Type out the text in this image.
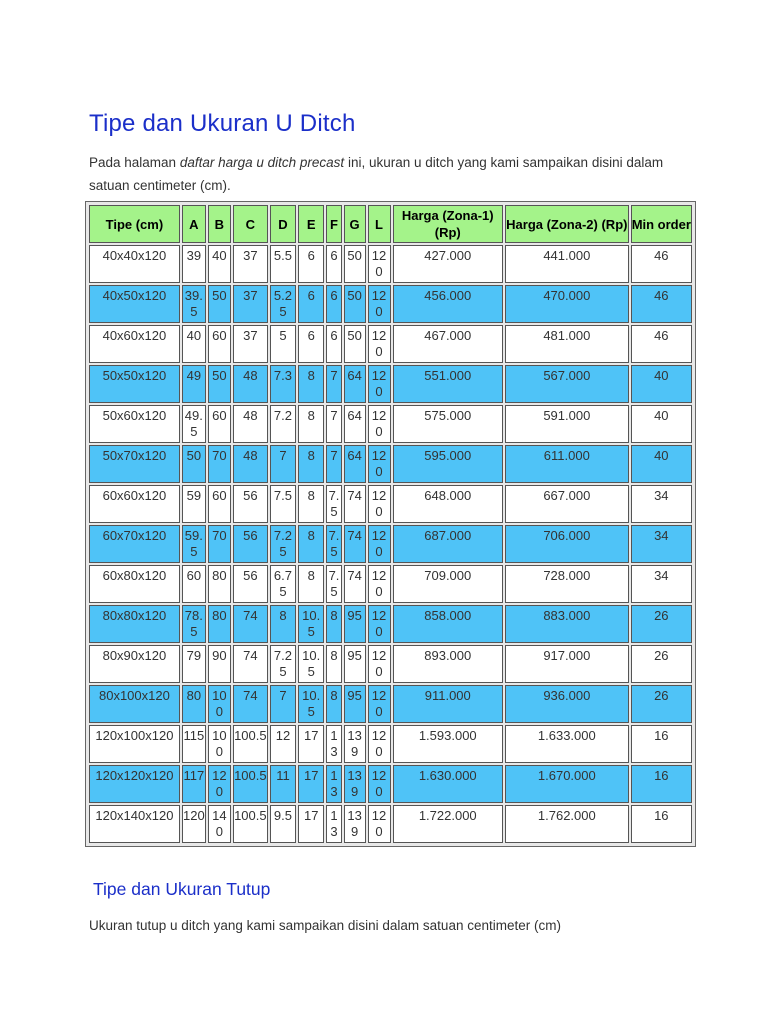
Tipe dan Ukuran U Ditch

Pada halaman daftar harga u ditch precast ini, ukuran u ditch yang kami sampaikan disini dalam satuan centimeter (cm).

Tipe (cm)	A	B	C	D	E	F	G	L	Harga (Zona-1) (Rp)	Harga (Zona-2) (Rp)	Min order
40x40x120	39	40	37	5.5	6	6	50	120	427.000	441.000	46
40x50x120	39.5	50	37	5.25	6	6	50	120	456.000	470.000	46
40x60x120	40	60	37	5	6	6	50	120	467.000	481.000	46
50x50x120	49	50	48	7.3	8	7	64	120	551.000	567.000	40
50x60x120	49.5	60	48	7.2	8	7	64	120	575.000	591.000	40
50x70x120	50	70	48	7	8	7	64	120	595.000	611.000	40
60x60x120	59	60	56	7.5	8	7.5	74	120	648.000	667.000	34
60x70x120	59.5	70	56	7.25	8	7.5	74	120	687.000	706.000	34
60x80x120	60	80	56	6.75	8	7.5	74	120	709.000	728.000	34
80x80x120	78.5	80	74	8	10.5	8	95	120	858.000	883.000	26
80x90x120	79	90	74	7.25	10.5	8	95	120	893.000	917.000	26
80x100x120	80	100	74	7	10.5	8	95	120	911.000	936.000	26
120x100x120	115	100	100.5	12	17	13	139	120	1.593.000	1.633.000	16
120x120x120	117	120	100.5	11	17	13	139	120	1.630.000	1.670.000	16
120x140x120	120	140	100.5	9.5	17	13	139	120	1.722.000	1.762.000	16
Tipe dan Ukuran Tutup

Ukuran tutup u ditch yang kami sampaikan disini dalam satuan centimeter (cm)
